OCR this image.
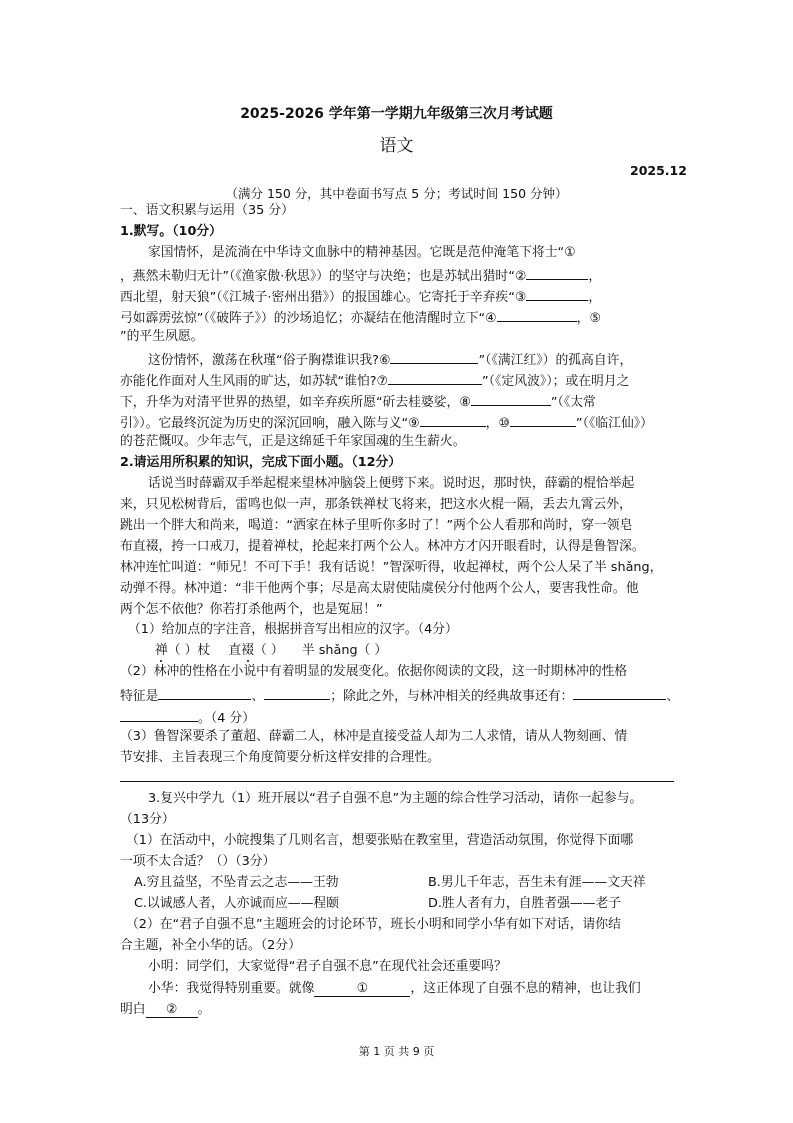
2025-2026 学年第一学期九年级第三次月考试题
语文
2025.12
（满分 150 分，其中卷面书写点 5 分；考试时间 150 分钟）
一、语文积累与运用（35 分）
1.默写。（10分）
家国情怀，是流淌在中华诗文血脉中的精神基因。它既是范仲淹笔下将士“①
，燕然未勒归无计”（《渔家傲·秋思》）的坚守与决绝；也是苏轼出猎时“②	，
西北望，射天狼”（《江城子·密州出猎》）的报国雄心。它寄托于辛弃疾“③	，
弓如霹雳弦惊”（《破阵子》）的沙场追忆；亦凝结在他清醒时立下“④	，⑤
”的平生夙愿。
这份情怀，激荡在秋瑾“俗子胸襟谁识我?⑥	”（《满江红》）的孤高自许，
亦能化作面对人生风雨的旷达，如苏轼“谁怕?⑦	”（《定风波》）；或在明月之
下，升华为对清平世界的热望，如辛弃疾所愿“斫去桂婆娑，⑧	”（《太常
引》）。它最终沉淀为历史的深沉回响，融入陈与义“⑨	，⑩	”（《临江仙》）
的苍茫慨叹。少年志气，正是这绵延千年家国魂的生生薪火。
2.请运用所积累的知识，完成下面小题。（12分）
话说当时薛霸双手举起棍来望林冲脑袋上便劈下来。说时迟，那时快，薛霸的棍恰举起
来，只见松树背后，雷鸣也似一声，那条铁禅杖飞将来，把这水火棍一隔，丢去九霄云外，
跳出一个胖大和尚来，喝道：“洒家在林子里听你多时了！”两个公人看那和尚时，穿一领皂
布直裰，挎一口戒刀，提着禅杖，抡起来打两个公人。林冲方才闪开眼看时，认得是鲁智深。
林冲连忙叫道：“师兄！不可下手！我有话说！”智深听得，收起禅杖，两个公人呆了半 shǎng，
动弹不得。林冲道：“非干他两个事；尽是高太尉使陆虞侯分付他两个公人，要害我性命。他
两个怎不依他？你若打杀他两个，也是冤屈！”
（1）给加点的字注音，根据拼音写出相应的汉字。（4分）
禅（ ）杖 直裰（ ） 半 shǎng（ ）
（2）林冲的性格在小说中有着明显的发展变化。依据你阅读的文段，这一时期林冲的性格
特征是	、	；除此之外，与林冲相关的经典故事还有：	、
。（4 分）
（3）鲁智深要杀了董超、薛霸二人，林冲是直接受益人却为二人求情，请从人物刻画、情
节安排、主旨表现三个角度简要分析这样安排的合理性。
3.复兴中学九（1）班开展以“君子自强不息”为主题的综合性学习活动，请你一起参与。
（13分）
（1）在活动中，小皖搜集了几则名言，想要张贴在教室里，营造活动氛围，你觉得下面哪
一项不太合适？（）（3分）
A.穷且益坚，不坠青云之志——王勃	B.男儿千年志，吾生未有涯——文天祥
C.以诚感人者，人亦诚而应——程颐	D.胜人者有力，自胜者强——老子
（2）在“君子自强不息”主题班会的讨论环节，班长小明和同学小华有如下对话，请你结
合主题，补全小华的话。（2分）
小明：同学们，大家觉得“君子自强不息”在现代社会还重要吗？
小华：我觉得特别重要。就像	①	，这正体现了自强不息的精神，也让我们
明白 ② 。
第 1 页 共 9 页
